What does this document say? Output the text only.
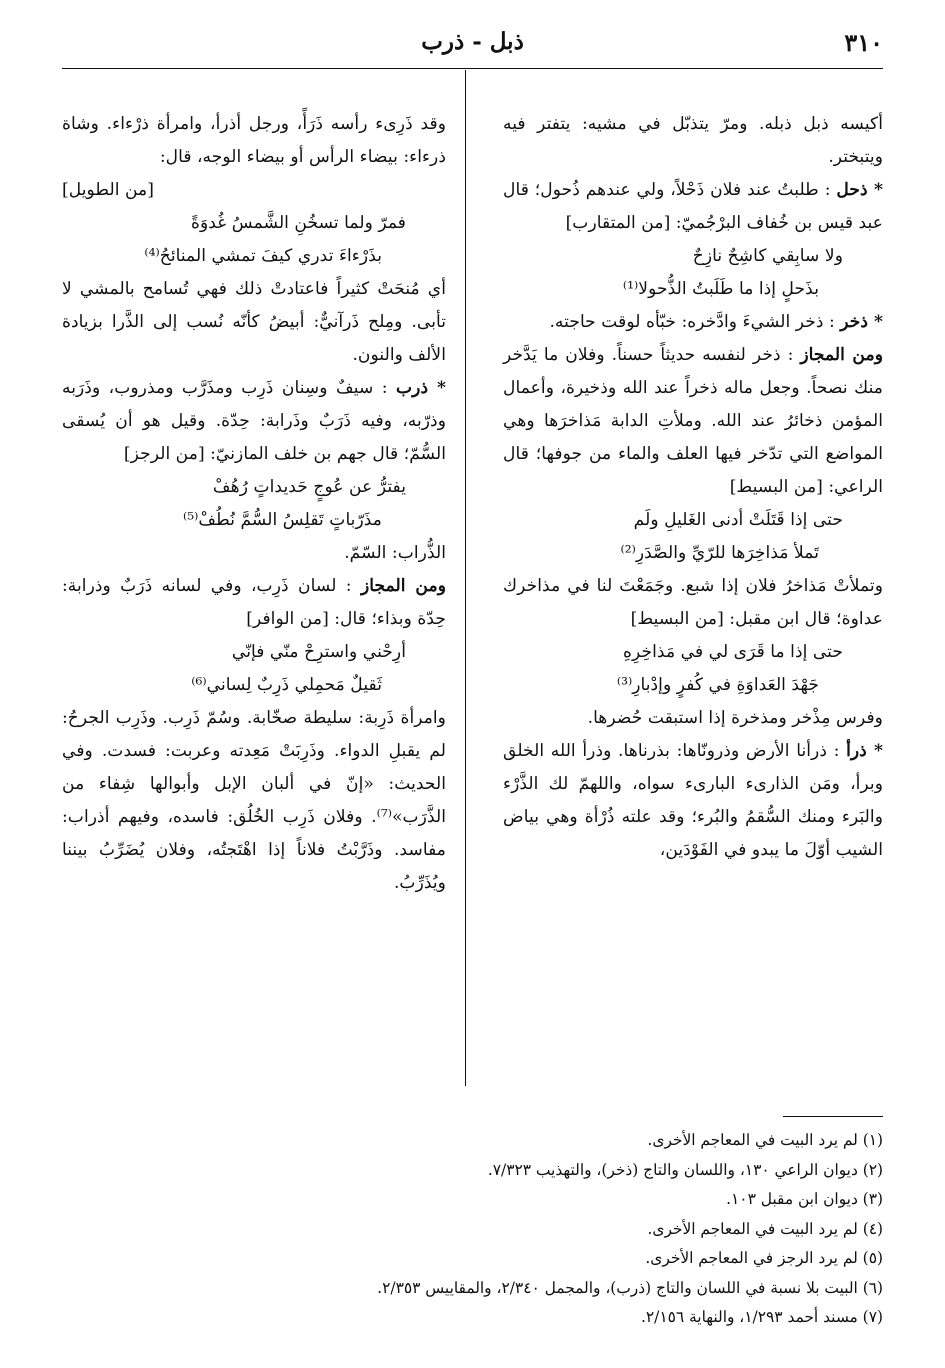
٣١٠
ذبل - ذرب

أكيسه ذبل ذبله. ومرّ يتذبّل في مشيه: يتفتر فيه ويتبختر.

* ذحل : طلبتُ عند فلان ذَحْلاً، ولي عندهم ذُحول؛ قال عبد قيس بن خُفاف البرْجُميّ: [من المتقارب]

ولا سابِقي كاشِحٌ نازِحٌ
بذَحلٍ إذا ما طَلَبتُ الذُّحولا⁽¹⁾

* ذخر : ذخر الشيءَ وادَّخره: خبّأه لوقت حاجته.

ومن المجاز : ذخر لنفسه حديثاً حسناً. وفلان ما يَدَّخر منك نصحاً. وجعل ماله ذخراً عند الله وذخيرة، وأعمال المؤمن ذخائرُ عند الله. وملأتِ الدابة مَذاخرَها وهي المواضع التي تدّخر فيها العلف والماء من جوفها؛ قال الراعي: [من البسيط]

حتى إذا قَتَلَتْ أدنى الغَليلِ ولَم
تَملأ مَذاخِرَها للرّيِّ والصَّدَرِ⁽²⁾

وتملأتْ مَذاخرُ فلان إذا شبع. وجَمَعْتَ لنا في مذاخرك عداوة؛ قال ابن مقبل: [من البسيط]

حتى إذا ما قَرَى لي في مَذاخِرِهِ
جَهْدَ العَداوَةِ في كُفرٍ وإدْبارِ⁽³⁾

وفرس مِذْخر ومذخرة إذا استبقت حُضرها.

* ذرأ : ذرأنا الأرض وذرونّاها: بذرناها. وذرأ الله الخلق وبرأ، ومَن الذارىء البارىء سواه، واللهمّ لك الذَّرْء والبَرء ومنك السُّقمُ والبُرء؛ وقد علته ذُرْأة وهي بياض الشيب أوّلَ ما يبدو في الفَوْدَين،

وقد ذَرِىء رأسه ذَرَأً، ورجل أذرأ، وامرأة ذرْءاء. وشاة ذرءاء: بيضاء الرأس أو بيضاء الوجه، قال:

[من الطويل]

فمرّ ولما تسخُنِ الشَّمسُ غُدوَةً
بذَرْءاءَ تدري كيفَ تمشي المنائحُ⁽⁴⁾

أي مُنحَتْ كثيراً فاعتادتْ ذلك فهي تُسامح بالمشي لا تأبى. ومِلح ذَرآنيٌّ: أبيضُ كأنّه نُسب إلى الذَّرا بزيادة الألف والنون.

* ذرب : سيفٌ وسِنان ذَرِب ومذَرَّب ومذروب، وذَرَبه وذرّبه، وفيه ذَرَبٌ وذَرابة: حِدّة. وقيل هو أن يُسقى السُّمّ؛ قال جهم بن خلف المازنيّ: [من الرجز]

يفترُّ عن عُوجٍ حَديداتٍ رُهُفْ
مذَرّباتٍ تَقلِسُ السُّمَّ نُطُفْ⁽⁵⁾

الذُّراب: السّمّ.

ومن المجاز : لسان ذَرِب، وفي لسانه ذَرَبٌ وذرابة: حِدّة وبذاء؛ قال: [من الوافر]

أرِحْني واسترِحْ منّي فإنّي
ثَقيلٌ مَحمِلي ذَرِبٌ لِساني⁽⁶⁾

وامرأة ذَرِبة: سليطة صخّابة. وسُمّ ذَرِب. وذَرِب الجرحُ: لم يقبلِ الدواء. وذَرِبَتْ مَعِدته وعربت: فسدت. وفي الحديث: «إنّ في ألبان الإبل وأبوالها شِفاء من الذَّرَب»⁽⁷⁾. وفلان ذَرِب الخُلُق: فاسده، وفيهم أذراب: مفاسد. وذَرَّبْتُ فلاناً إذا اهْتَجتُه، وفلان يُضَرِّبُ بيننا ويُذَرِّبُ.

(١) لم يرد البيت في المعاجم الأخرى.
(٢) ديوان الراعي ١٣٠، واللسان والتاج (ذخر)، والتهذيب ٧/٣٢٣.
(٣) ديوان ابن مقبل ١٠٣.
(٤) لم يرد البيت في المعاجم الأخرى.
(٥) لم يرد الرجز في المعاجم الأخرى.
(٦) البيت بلا نسبة في اللسان والتاج (ذرب)، والمجمل ٢/٣٤٠، والمقاييس ٢/٣٥٣.
(٧) مسند أحمد ١/٢٩٣، والنهاية ٢/١٥٦.
